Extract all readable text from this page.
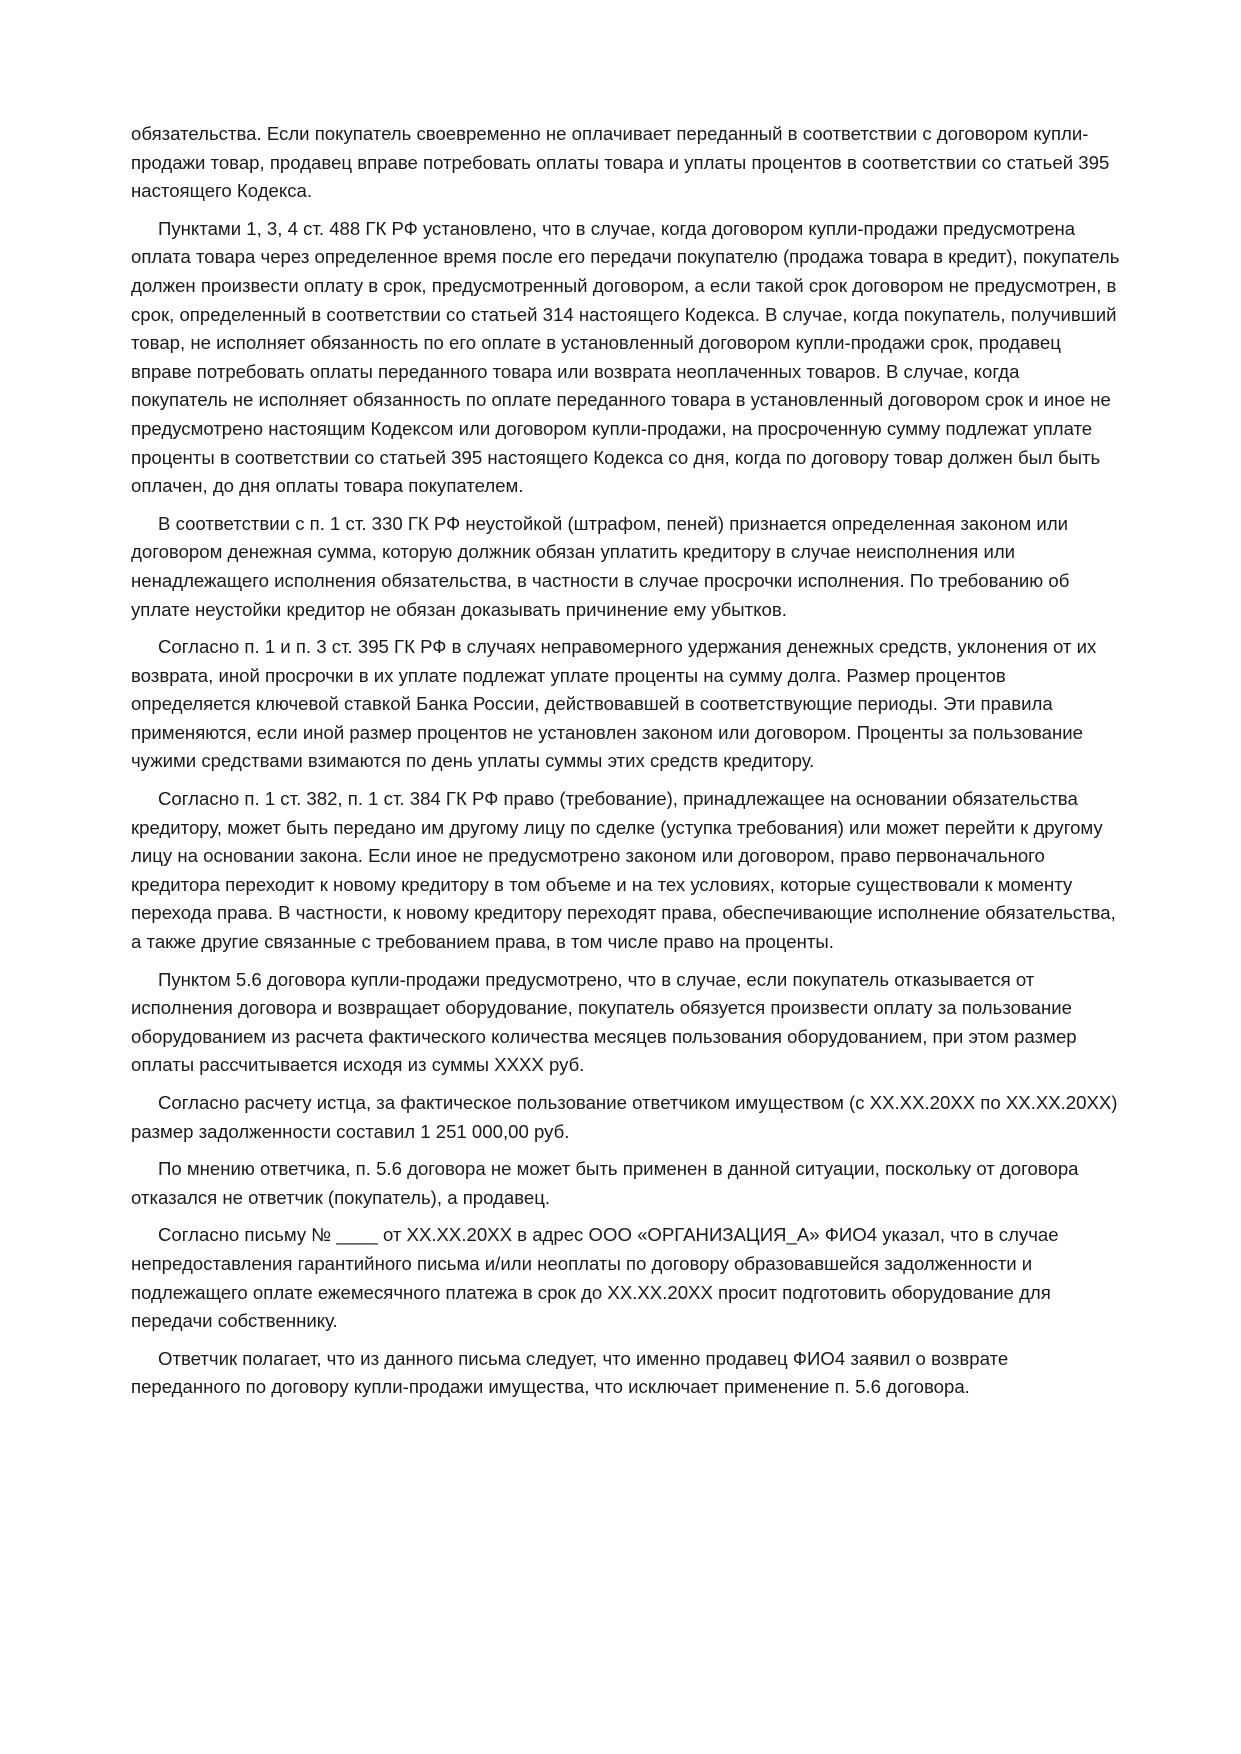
обязательства. Если покупатель своевременно не оплачивает переданный в соответствии с договором купли-продажи товар, продавец вправе потребовать оплаты товара и уплаты процентов в соответствии со статьей 395 настоящего Кодекса.

Пунктами 1, 3, 4 ст. 488 ГК РФ установлено, что в случае, когда договором купли-продажи предусмотрена оплата товара через определенное время после его передачи покупателю (продажа товара в кредит), покупатель должен произвести оплату в срок, предусмотренный договором, а если такой срок договором не предусмотрен, в срок, определенный в соответствии со статьей 314 настоящего Кодекса. В случае, когда покупатель, получивший товар, не исполняет обязанность по его оплате в установленный договором купли-продажи срок, продавец вправе потребовать оплаты переданного товара или возврата неоплаченных товаров. В случае, когда покупатель не исполняет обязанность по оплате переданного товара в установленный договором срок и иное не предусмотрено настоящим Кодексом или договором купли-продажи, на просроченную сумму подлежат уплате проценты в соответствии со статьей 395 настоящего Кодекса со дня, когда по договору товар должен был быть оплачен, до дня оплаты товара покупателем.

В соответствии с п. 1 ст. 330 ГК РФ неустойкой (штрафом, пеней) признается определенная законом или договором денежная сумма, которую должник обязан уплатить кредитору в случае неисполнения или ненадлежащего исполнения обязательства, в частности в случае просрочки исполнения. По требованию об уплате неустойки кредитор не обязан доказывать причинение ему убытков.

Согласно п. 1 и п. 3 ст. 395 ГК РФ в случаях неправомерного удержания денежных средств, уклонения от их возврата, иной просрочки в их уплате подлежат уплате проценты на сумму долга. Размер процентов определяется ключевой ставкой Банка России, действовавшей в соответствующие периоды. Эти правила применяются, если иной размер процентов не установлен законом или договором. Проценты за пользование чужими средствами взимаются по день уплаты суммы этих средств кредитору.

Согласно п. 1 ст. 382, п. 1 ст. 384 ГК РФ право (требование), принадлежащее на основании обязательства кредитору, может быть передано им другому лицу по сделке (уступка требования) или может перейти к другому лицу на основании закона. Если иное не предусмотрено законом или договором, право первоначального кредитора переходит к новому кредитору в том объеме и на тех условиях, которые существовали к моменту перехода права. В частности, к новому кредитору переходят права, обеспечивающие исполнение обязательства, а также другие связанные с требованием права, в том числе право на проценты.

Пунктом 5.6 договора купли-продажи предусмотрено, что в случае, если покупатель отказывается от исполнения договора и возвращает оборудование, покупатель обязуется произвести оплату за пользование оборудованием из расчета фактического количества месяцев пользования оборудованием, при этом размер оплаты рассчитывается исходя из суммы ХХХХ руб.

Согласно расчету истца, за фактическое пользование ответчиком имуществом (с ХХ.ХХ.20ХХ по ХХ.ХХ.20ХХ) размер задолженности составил 1 251 000,00 руб.

По мнению ответчика, п. 5.6 договора не может быть применен в данной ситуации, поскольку от договора отказался не ответчик (покупатель), а продавец.

Согласно письму № ____ от ХХ.ХХ.20ХХ в адрес ООО «ОРГАНИЗАЦИЯ_А» ФИО4 указал, что в случае непредоставления гарантийного письма и/или неоплаты по договору образовавшейся задолженности и подлежащего оплате ежемесячного платежа в срок до ХХ.ХХ.20ХХ просит подготовить оборудование для передачи собственнику.

Ответчик полагает, что из данного письма следует, что именно продавец ФИО4 заявил о возврате переданного по договору купли-продажи имущества, что исключает применение п. 5.6 договора.
